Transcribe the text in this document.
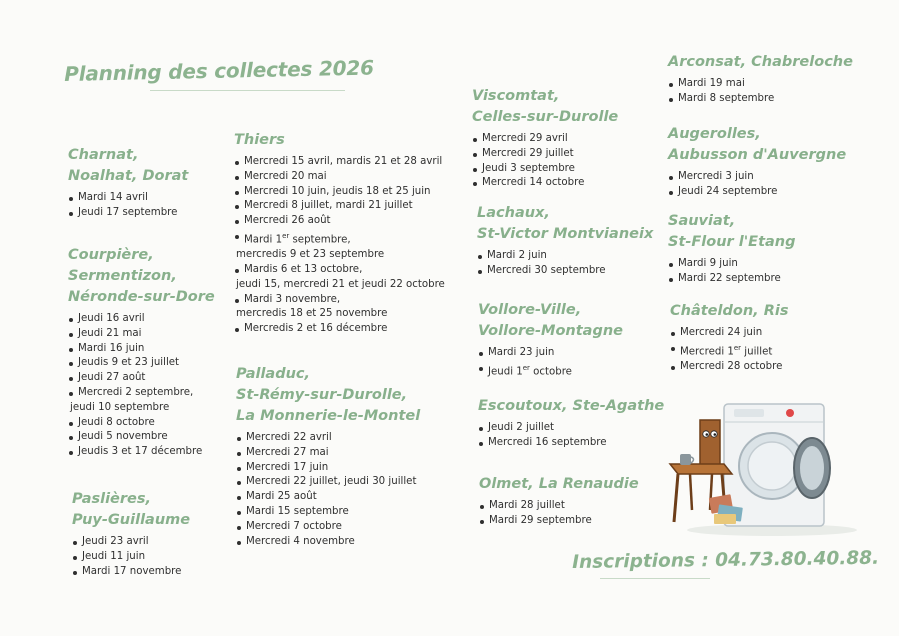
Planning des collectes 2026
Charnat,
Noalhat, Dorat
Mardi 14 avril
Jeudi 17 septembre
Courpière,
Sermentizon,
Néronde-sur-Dore
Jeudi 16 avril
Jeudi 21 mai
Mardi 16 juin
Jeudis 9 et 23 juillet
Jeudi 27 août
Mercredi 2 septembre,
jeudi 10 septembre
Jeudi 8 octobre
Jeudi 5 novembre
Jeudis 3 et 17 décembre
Paslières,
Puy-Guillaume
Jeudi 23 avril
Jeudi 11 juin
Mardi 17 novembre
Thiers
Mercredi 15 avril, mardis 21 et 28 avril
Mercredi 20 mai
Mercredi 10 juin, jeudis 18 et 25 juin
Mercredi 8 juillet, mardi 21 juillet
Mercredi 26 août
Mardi 1er septembre,
mercredis 9 et 23 septembre
Mardis 6 et 13 octobre,
jeudi 15, mercredi 21 et jeudi 22 octobre
Mardi 3 novembre,
mercredis 18 et 25 novembre
Mercredis 2 et 16 décembre
Palladuc,
St-Rémy-sur-Durolle,
La Monnerie-le-Montel
Mercredi 22 avril
Mercredi 27 mai
Mercredi 17 juin
Mercredi 22 juillet, jeudi 30 juillet
Mardi 25 août
Mardi 15 septembre
Mercredi 7 octobre
Mercredi 4 novembre
Viscomtat,
Celles-sur-Durolle
Mercredi 29 avril
Mercredi 29 juillet
Jeudi 3 septembre
Mercredi 14 octobre
Lachaux,
St-Victor Montvianeix
Mardi 2 juin
Mercredi 30 septembre
Vollore-Ville,
Vollore-Montagne
Mardi 23 juin
Jeudi 1er octobre
Escoutoux, Ste-Agathe
Jeudi 2 juillet
Mercredi 16 septembre
Olmet, La Renaudie
Mardi 28 juillet
Mardi 29 septembre
Arconsat, Chabreloche
Mardi 19 mai
Mardi 8 septembre
Augerolles,
Aubusson d'Auvergne
Mercredi 3 juin
Jeudi 24 septembre
Sauviat,
St-Flour l'Etang
Mardi 9 juin
Mardi 22 septembre
Châteldon, Ris
Mercredi 24 juin
Mercredi 1er juillet
Mercredi 28 octobre
Inscriptions : 04.73.80.40.88.
